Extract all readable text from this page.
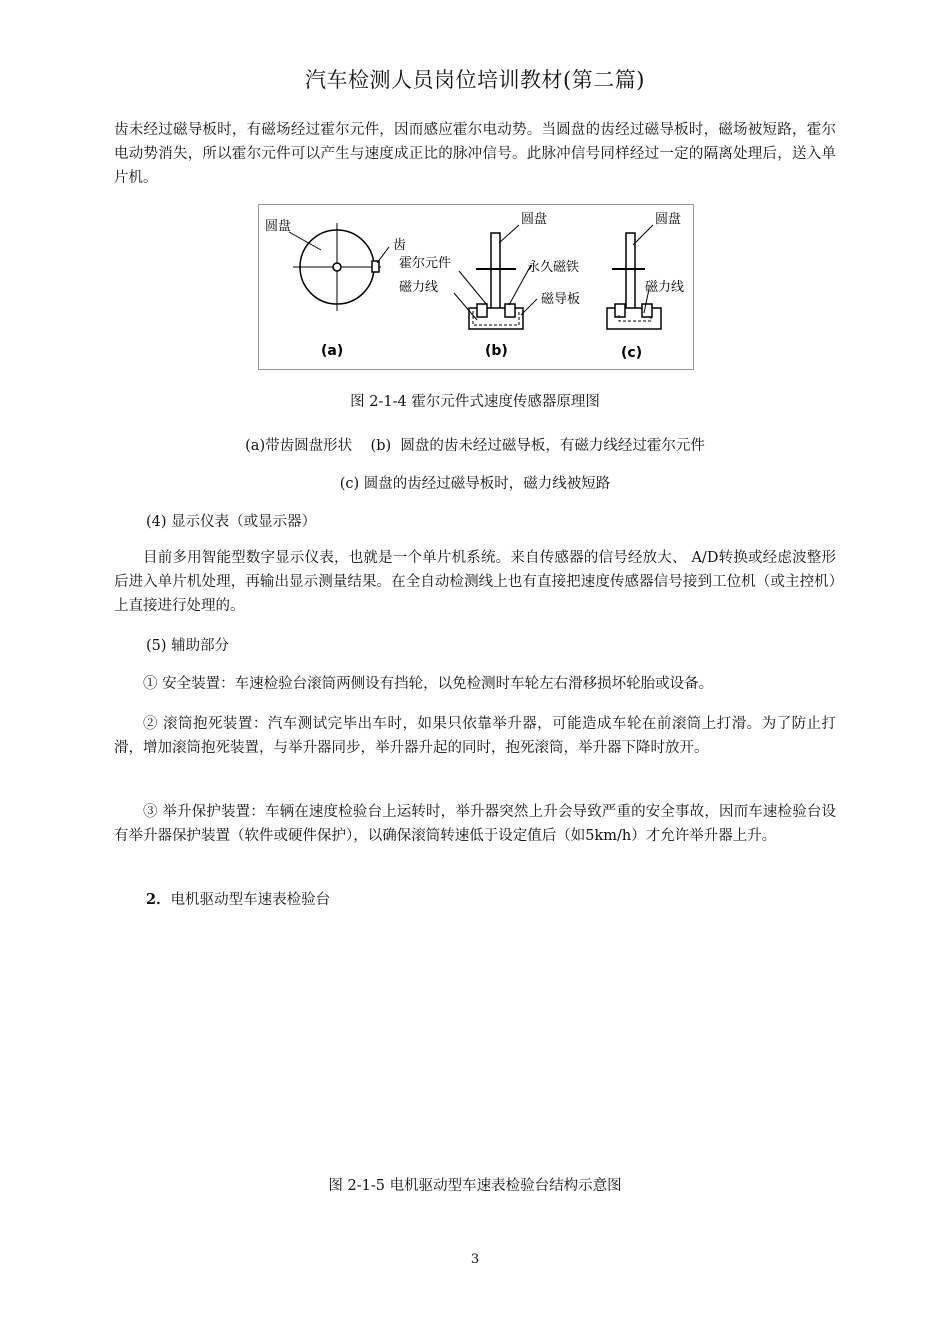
汽车检测人员岗位培训教材(第二篇)

齿未经过磁导板时，有磁场经过霍尔元件，因而感应霍尔电动势。当圆盘的齿经过磁导板时，磁场被短路，霍尔电动势消失，所以霍尔元件可以产生与速度成正比的脉冲信号。此脉冲信号同样经过一定的隔离处理后，送入单片机。

圆盘
齿
霍尔元件
磁力线
圆盘
永久磁铁
磁导板
圆盘
磁力线
(a)	(b)	(c)

图 2-1-4 霍尔元件式速度传感器原理图

(a)带齿圆盘形状    (b)  圆盘的齿未经过磁导板，有磁力线经过霍尔元件

(c) 圆盘的齿经过磁导板时，磁力线被短路

(4) 显示仪表（或显示器）

目前多用智能型数字显示仪表，也就是一个单片机系统。来自传感器的信号经放大、 A/D转换或经虑波整形后进入单片机处理，再输出显示测量结果。在全自动检测线上也有直接把速度传感器信号接到工位机（或主控机）上直接进行处理的。

(5) 辅助部分

① 安全装置：车速检验台滚筒两侧设有挡轮，以免检测时车轮左右滑移损坏轮胎或设备。

② 滚筒抱死装置：汽车测试完毕出车时，如果只依靠举升器，可能造成车轮在前滚筒上打滑。为了防止打滑，增加滚筒抱死装置，与举升器同步，举升器升起的同时，抱死滚筒，举升器下降时放开。

③ 举升保护装置：车辆在速度检验台上运转时，举升器突然上升会导致严重的安全事故，因而车速检验台设有举升器保护装置（软件或硬件保护），以确保滚筒转速低于设定值后（如5km/h）才允许举升器上升。

2．电机驱动型车速表检验台

图 2-1-5 电机驱动型车速表检验台结构示意图

3
